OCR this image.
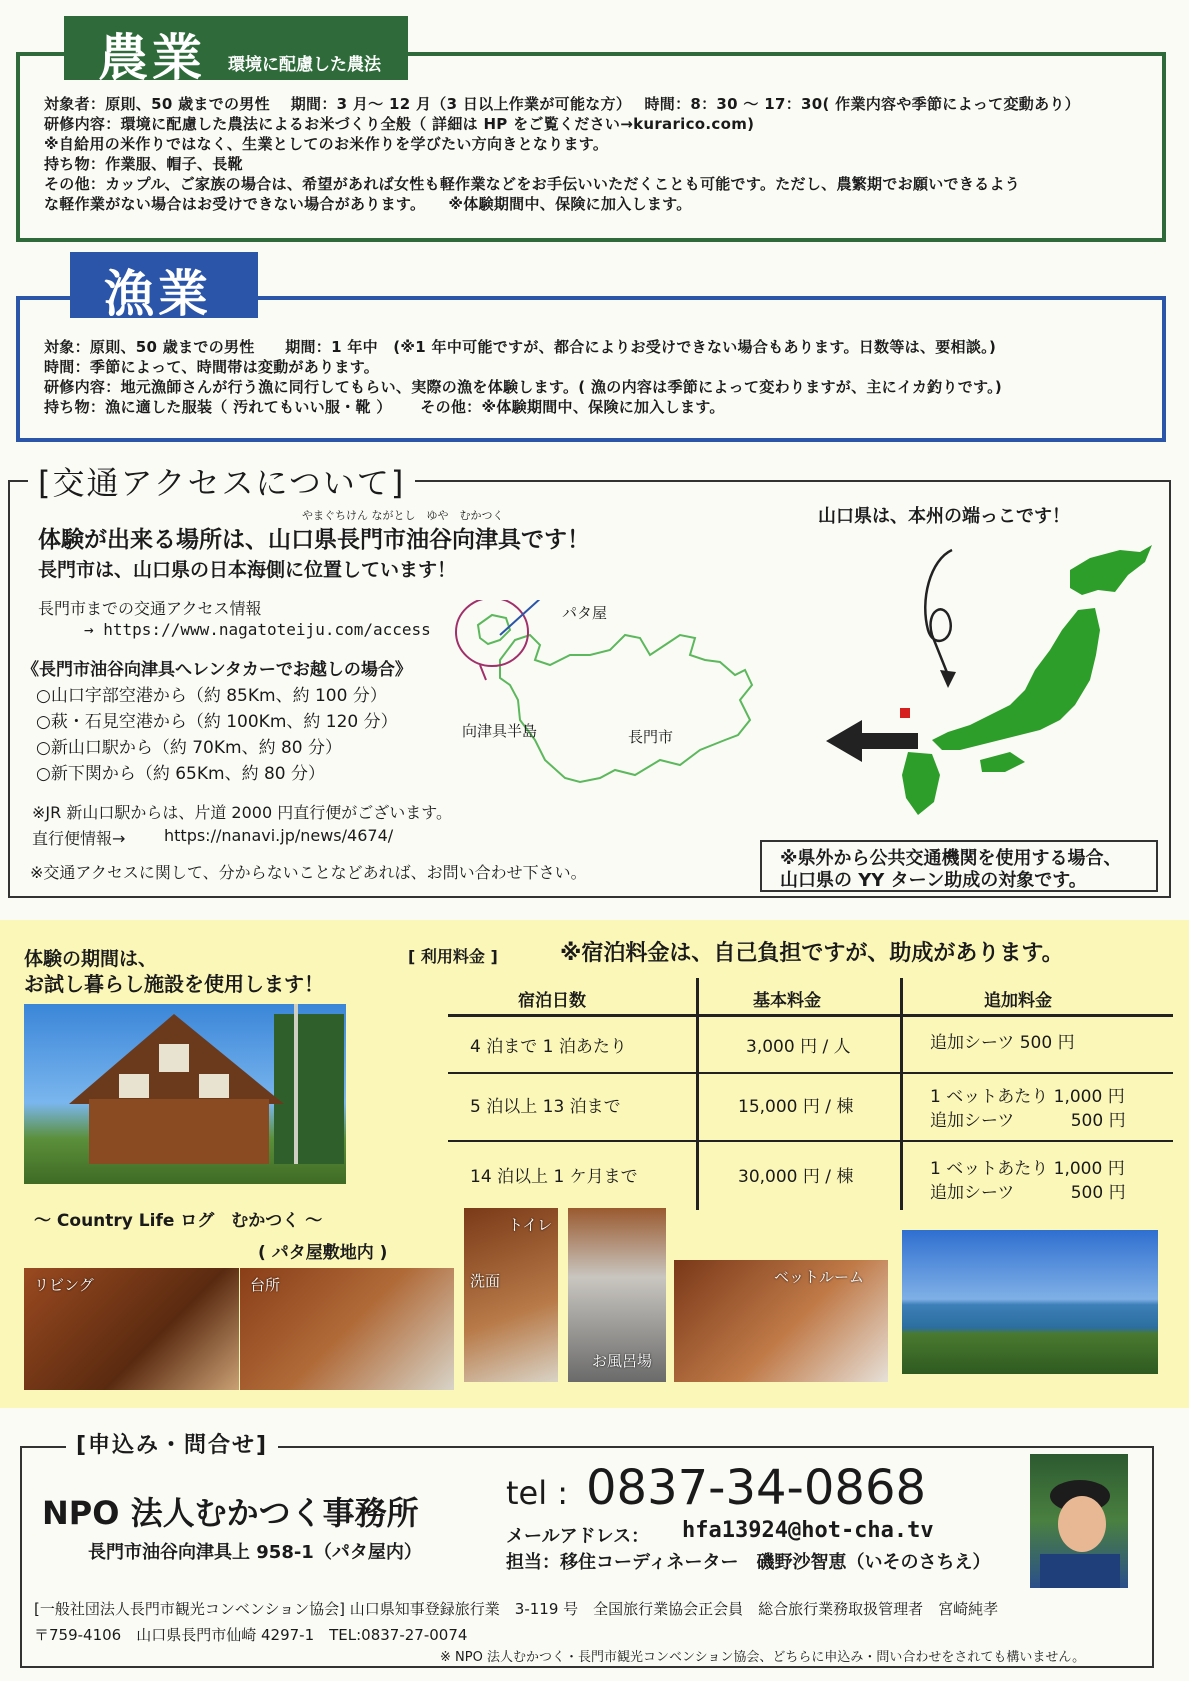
農業 環境に配慮した農法
対象者：原則、50 歳までの男性　 期間：3 月～ 12 月（3 日以上作業が可能な方）　 時間：8：30 ～ 17：30( 作業内容や季節によって変動あり）
研修内容：環境に配慮した農法によるお米づくり全般（ 詳細は HP をご覧ください→kurarico.com)
※自給用の米作りではなく、生業としてのお米作りを学びたい方向きとなります。
持ち物：作業服、帽子、長靴
その他：カップル、ご家族の場合は、希望があれば女性も軽作業などをお手伝いいただくことも可能です。ただし、農繁期でお願いできるよう
な軽作業がない場合はお受けできない場合があります。　　※体験期間中、保険に加入します。
漁業
対象：原則、50 歳までの男性　　期間：1 年中　(※1 年中可能ですが、都合によりお受けできない場合もあります。日数等は、要相談。)
時間：季節によって、時間帯は変動があります。
研修内容：地元漁師さんが行う漁に同行してもらい、実際の漁を体験します。( 漁の内容は季節によって変わりますが、主にイカ釣りです。)
持ち物：漁に適した服装（ 汚れてもいい服・靴 ）　　 その他：※体験期間中、保険に加入します。
[交通アクセスについて]
やまぐちけん ながとし　ゆや　むかつく
体験が出来る場所は、山口県長門市油谷向津具です！
長門市は、山口県の日本海側に位置しています！
長門市までの交通アクセス情報
→ https://www.nagatoteiju.com/access
《長門市油谷向津具へレンタカーでお越しの場合》
○山口宇部空港から（約 85Km、約 100 分）
○萩・石見空港から（約 100Km、約 120 分）
○新山口駅から（約 70Km、約 80 分）
○新下関から（約 65Km、約 80 分）
※JR 新山口駅からは、片道 2000 円直行便がございます。
直行便情報→ https://nanavi.jp/news/4674/
※交通アクセスに関して、分からないことなどあれば、お問い合わせ下さい。
パタ屋
向津具半島	長門市
山口県は、本州の端っこです！
※県外から公共交通機関を使用する場合、
山口県の YY ターン助成の対象です。
体験の期間は、
お試し暮らし施設を使用します！
[ 利用料金 ]	※宿泊料金は、自己負担ですが、助成があります。
宿泊日数	基本料金	追加料金
4 泊まで 1 泊あたり	3,000 円 / 人	追加シーツ 500 円
5 泊以上 13 泊まで	15,000 円 / 棟	1 ベットあたり 1,000 円
追加シーツ　　　 500 円
14 泊以上 1 ケ月まで	30,000 円 / 棟	1 ベットあたり 1,000 円
追加シーツ　　　 500 円
～ Country Life ログ　むかつく ～
( パタ屋敷地内 )
リビング	台所
トイレ
洗面
お風呂場
ベットルーム
[申込み・問合せ]
NPO 法人むかつく事務所
長門市油谷向津具上 958-1（パタ屋内）
tel : 0837-34-0868
メールアドレス： hfa13924@hot-cha.tv
担当：移住コーディネーター　磯野沙智恵（いそのさちえ）
[一般社団法人長門市観光コンベンション協会] 山口県知事登録旅行業　3-119 号　全国旅行業協会正会員　総合旅行業務取扱管理者　宮崎純孝
〒759-4106　山口県長門市仙崎 4297-1　TEL:0837-27-0074
※ NPO 法人むかつく・長門市観光コンベンション協会、どちらに申込み・問い合わせをされても構いません。
